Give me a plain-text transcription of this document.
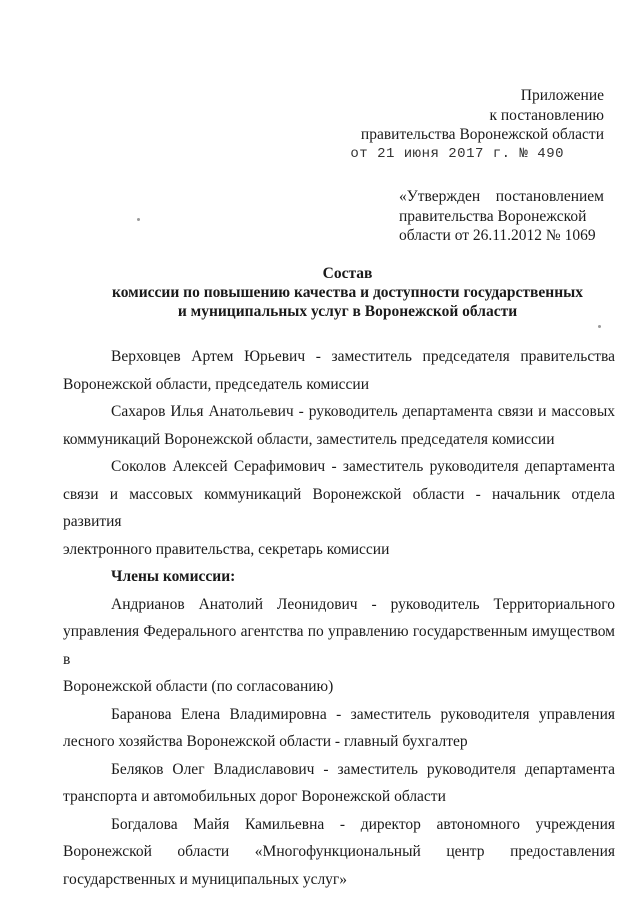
Приложение
к постановлению
правительства Воронежской области
от 21 июня 2017 г. № 490
«Утвержден постановлением
правительства Воронежской
области от 26.11.2012 № 1069
Состав
комиссии по повышению качества и доступности государственных
и муниципальных услуг в Воронежской области

Верховцев Артем Юрьевич - заместитель председателя правительства
Воронежской области, председатель комиссии

Сахаров Илья Анатольевич - руководитель департамента связи и массовых
коммуникаций Воронежской области, заместитель председателя комиссии

Соколов Алексей Серафимович - заместитель руководителя департамента
связи и массовых коммуникаций Воронежской области - начальник отдела развития
электронного правительства, секретарь комиссии

Члены комиссии:

Андрианов Анатолий Леонидович - руководитель Территориального
управления Федерального агентства по управлению государственным имуществом в
Воронежской области (по согласованию)

Баранова Елена Владимировна - заместитель руководителя управления
лесного хозяйства Воронежской области - главный бухгалтер

Беляков Олег Владиславович - заместитель руководителя департамента
транспорта и автомобильных дорог Воронежской области

Богдалова Майя Камильевна - директор автономного учреждения
Воронежской области «Многофункциональный центр предоставления
государственных и муниципальных услуг»
